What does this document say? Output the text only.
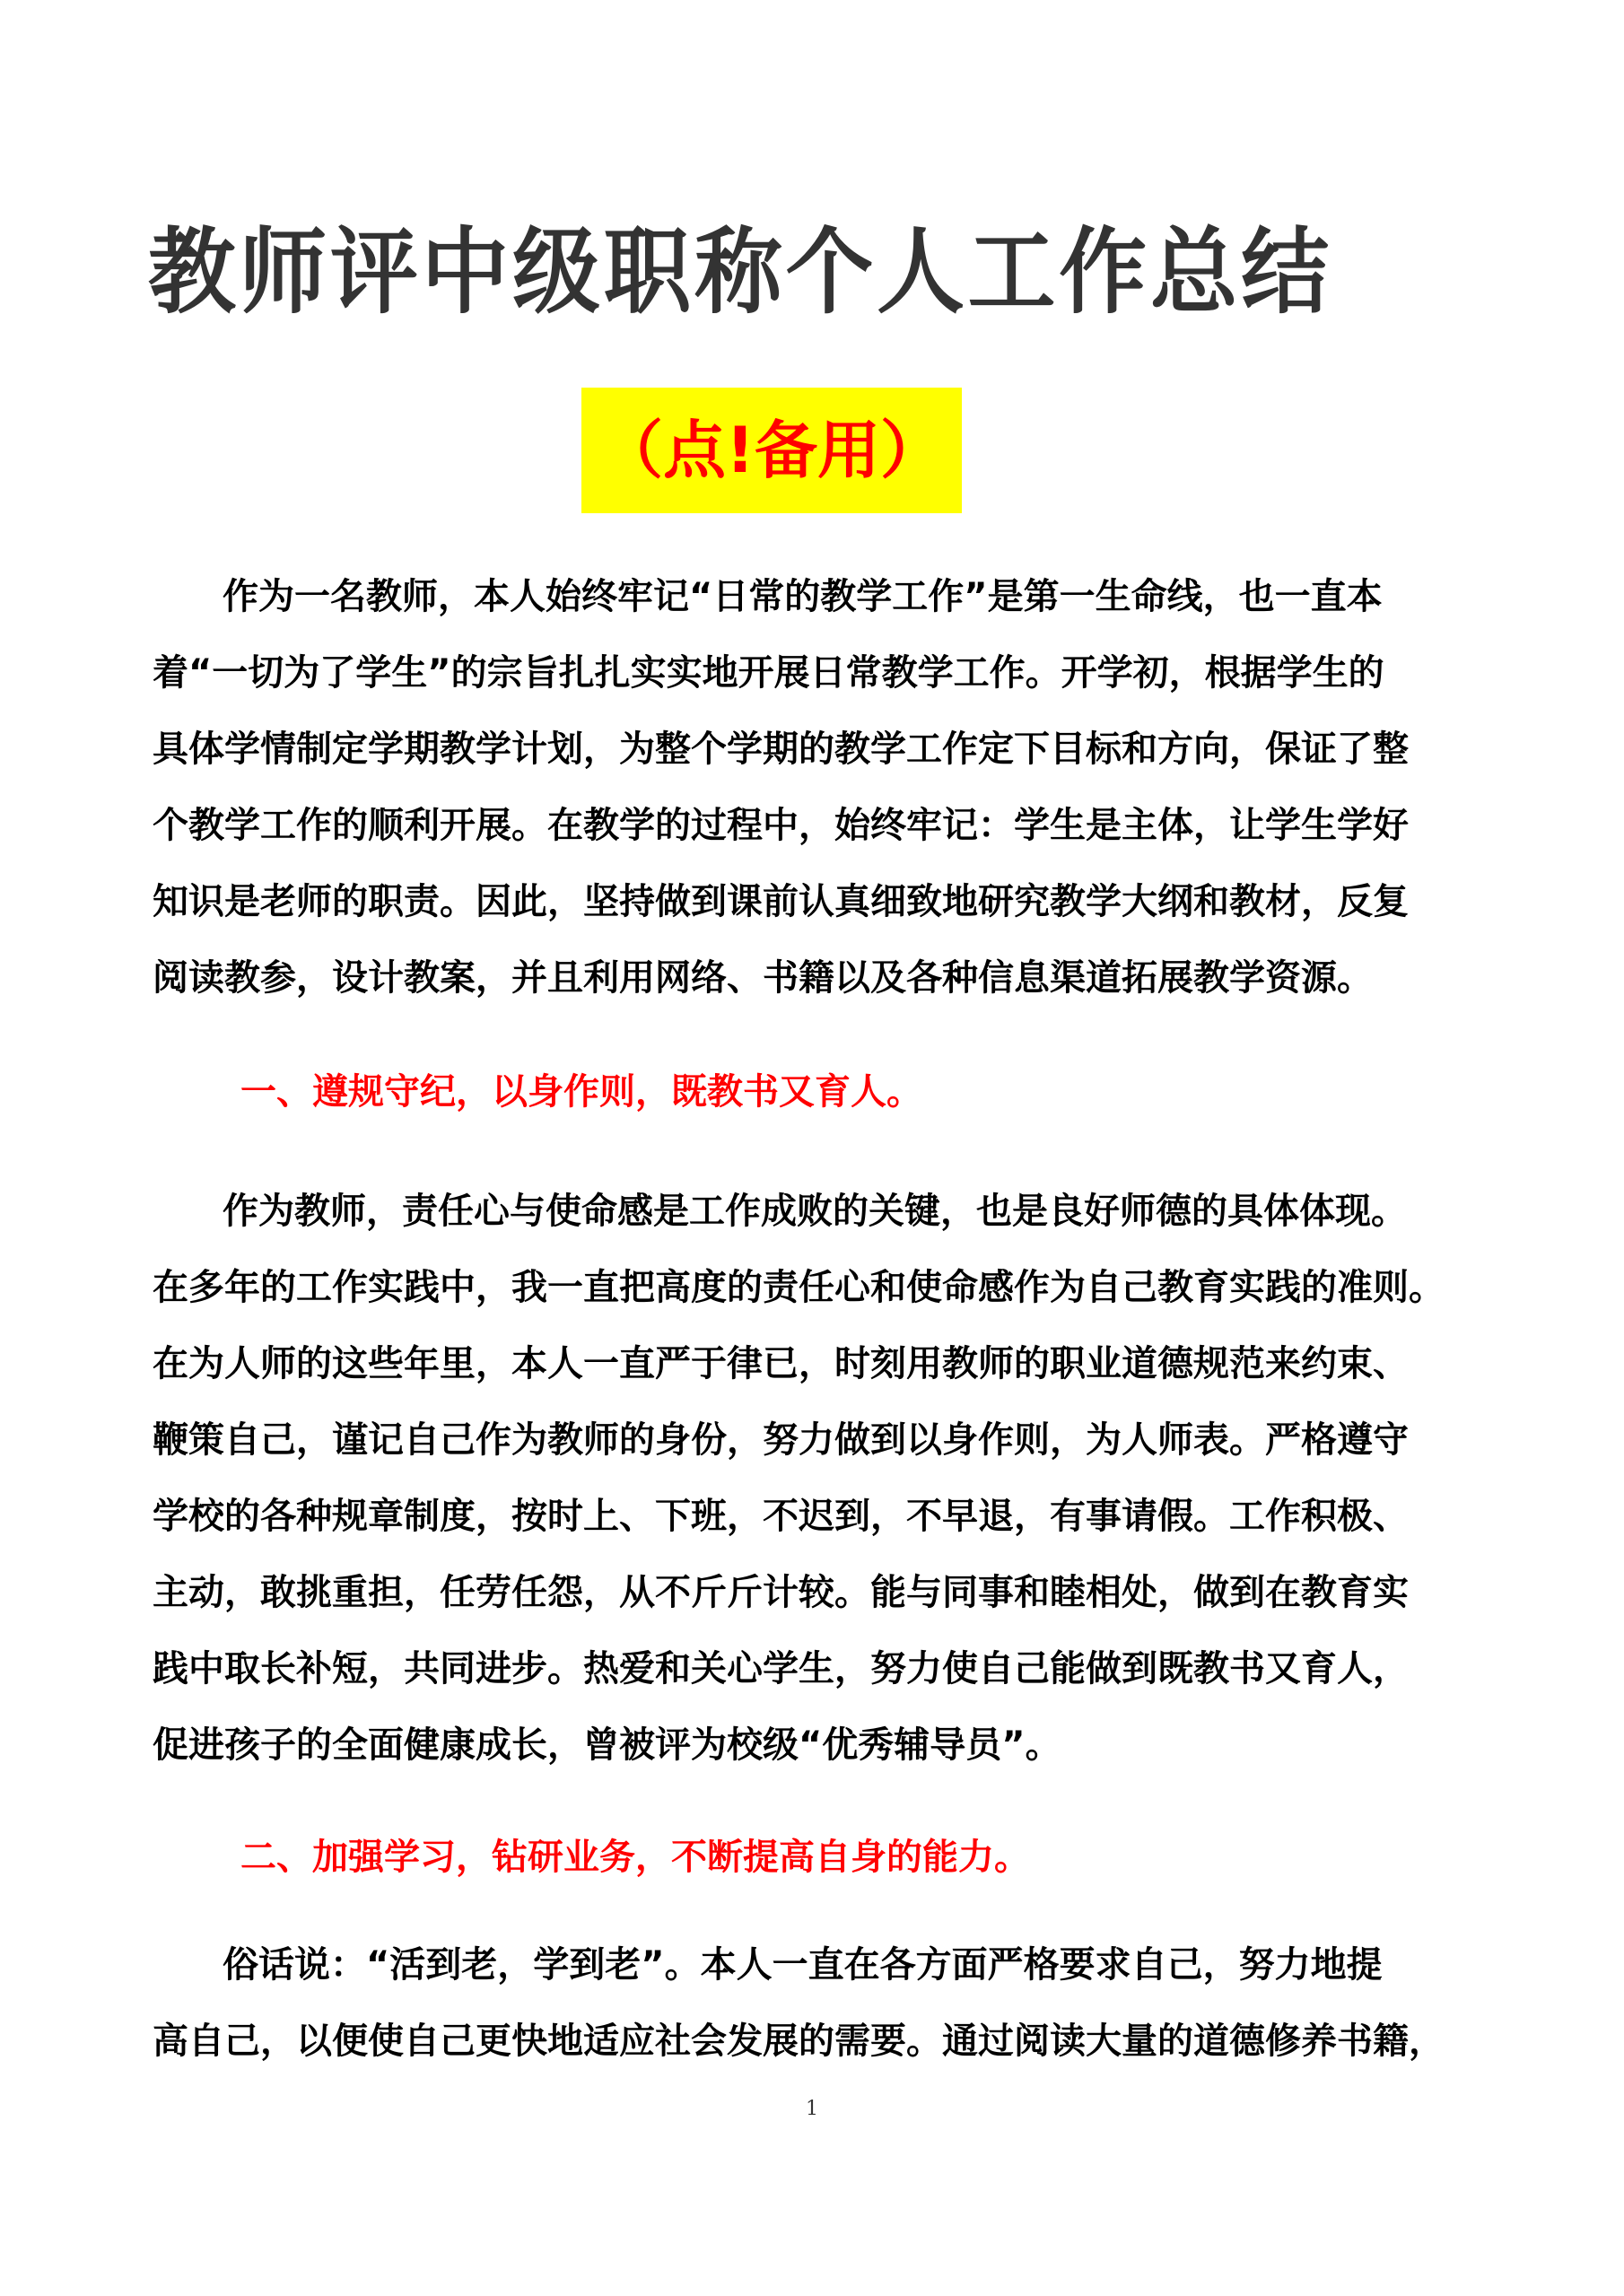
教师评中级职称个人工作总结
（点!备用）
作为一名教师，本人始终牢记“日常的教学工作”是第一生命线，也一直本
着“一切为了学生”的宗旨扎扎实实地开展日常教学工作。开学初，根据学生的
具体学情制定学期教学计划，为整个学期的教学工作定下目标和方向，保证了整
个教学工作的顺利开展。在教学的过程中，始终牢记：学生是主体，让学生学好
知识是老师的职责。因此，坚持做到课前认真细致地研究教学大纲和教材，反复
阅读教参，设计教案，并且利用网络、书籍以及各种信息渠道拓展教学资源。
一、遵规守纪，以身作则，既教书又育人。
作为教师，责任心与使命感是工作成败的关键，也是良好师德的具体体现。
在多年的工作实践中，我一直把高度的责任心和使命感作为自己教育实践的准则。
在为人师的这些年里，本人一直严于律已，时刻用教师的职业道德规范来约束、
鞭策自己，谨记自己作为教师的身份，努力做到以身作则，为人师表。严格遵守
学校的各种规章制度，按时上、下班，不迟到，不早退，有事请假。工作积极、
主动，敢挑重担，任劳任怨，从不斤斤计较。能与同事和睦相处，做到在教育实
践中取长补短，共同进步。热爱和关心学生，努力使自己能做到既教书又育人，
促进孩子的全面健康成长，曾被评为校级“优秀辅导员”。
二、加强学习，钻研业务，不断提高自身的能力。
俗话说：“活到老，学到老”。本人一直在各方面严格要求自己，努力地提
高自己，以便使自己更快地适应社会发展的需要。通过阅读大量的道德修养书籍，
1
